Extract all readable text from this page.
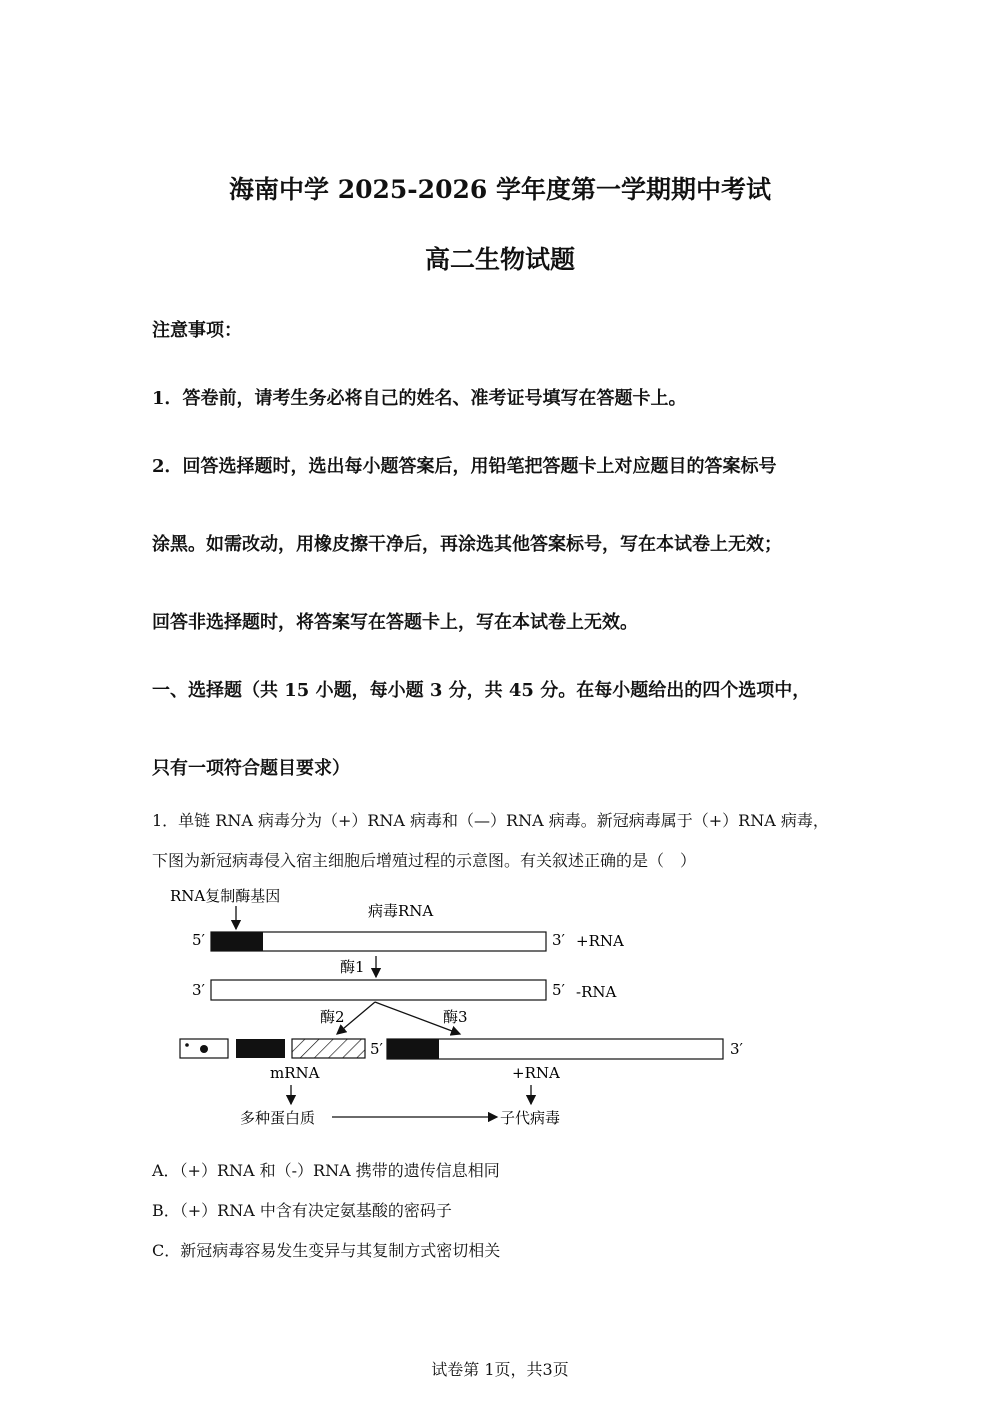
海南中学 2025-2026 学年度第一学期期中考试
高二生物试题
注意事项：
1．答卷前，请考生务必将自己的姓名、准考证号填写在答题卡上。
2．回答选择题时，选出每小题答案后，用铅笔把答题卡上对应题目的答案标号
涂黑。如需改动，用橡皮擦干净后，再涂选其他答案标号，写在本试卷上无效；
回答非选择题时，将答案写在答题卡上，写在本试卷上无效。
一、选择题（共 15 小题，每小题 3 分，共 45 分。在每小题给出的四个选项中，
只有一项符合题目要求）
1．单链 RNA 病毒分为（+）RNA 病毒和（—）RNA 病毒。新冠病毒属于（+）RNA 病毒，
下图为新冠病毒侵入宿主细胞后增殖过程的示意图。有关叙述正确的是（　）
RNA复制酶基因
病毒RNA
5′	3′ +RNA
酶1
3′	5′ -RNA
酶2	酶3
5′	3′
mRNA	+RNA
多种蛋白质	子代病毒
A．（+）RNA 和（-）RNA 携带的遗传信息相同
B．（+）RNA 中含有决定氨基酸的密码子
C．新冠病毒容易发生变异与其复制方式密切相关
试卷第 1页，共3页
